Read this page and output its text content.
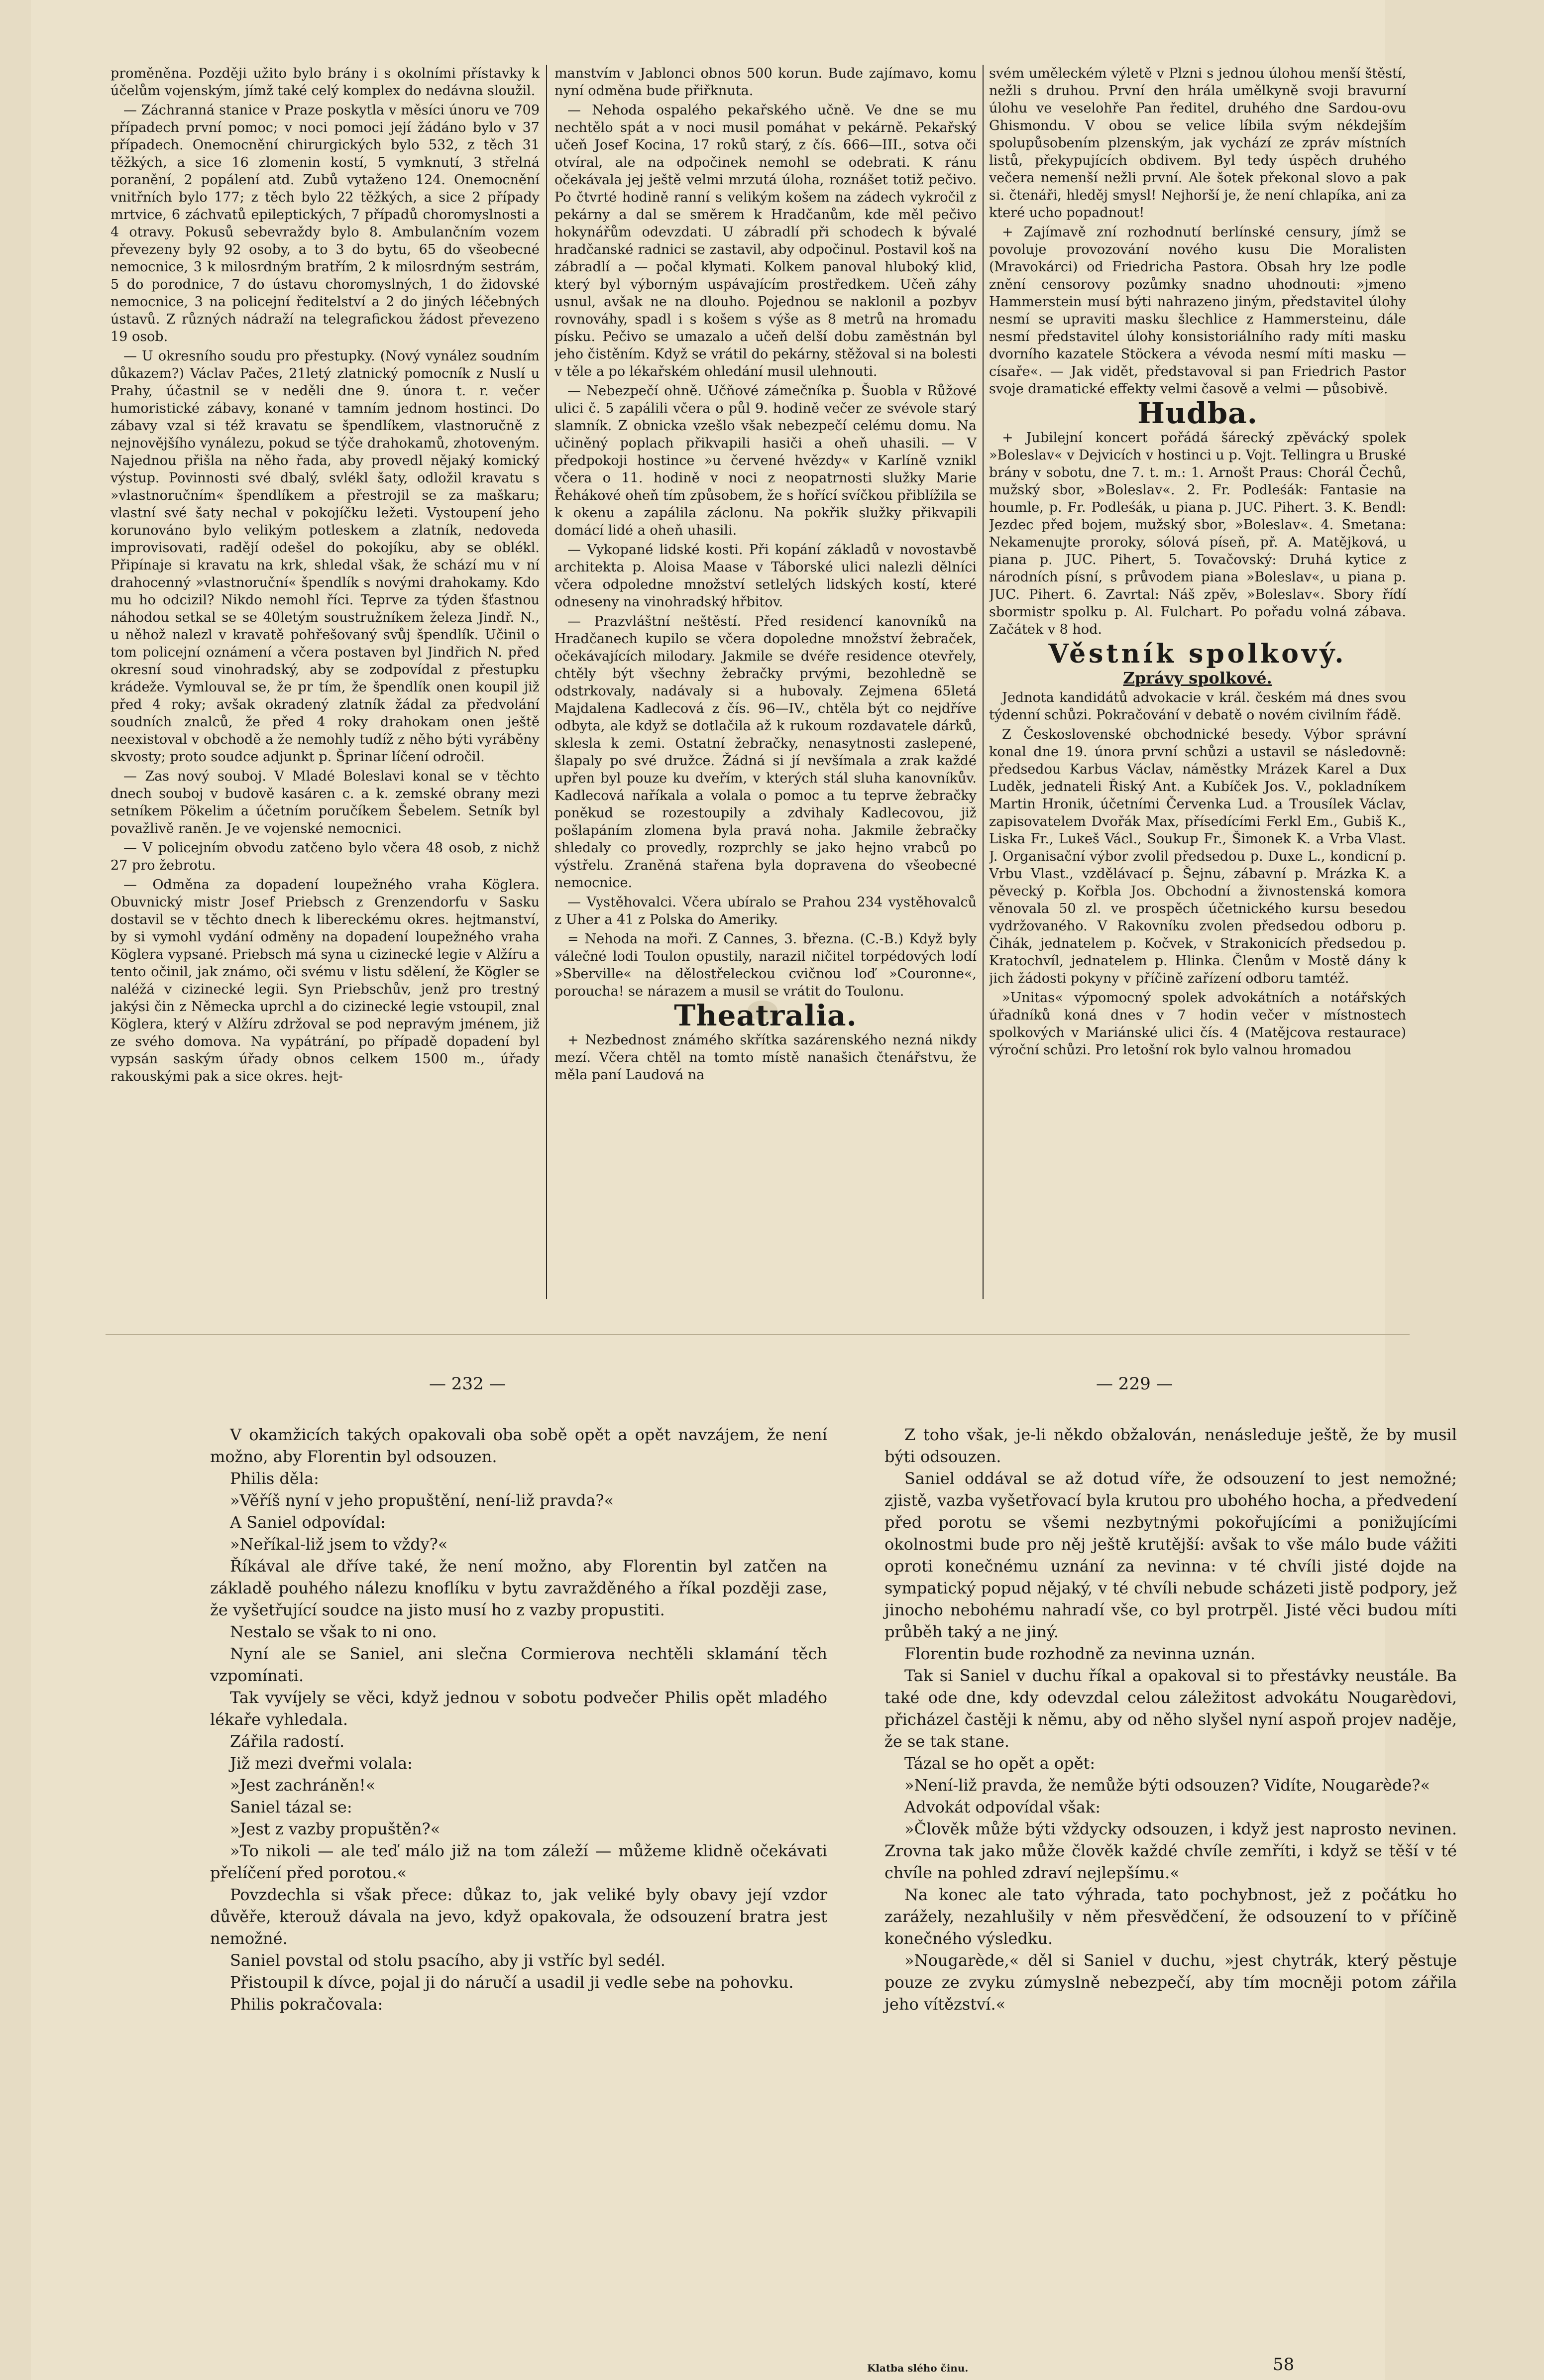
proměněna. Později užito bylo brány i s okolními přístavky k účelům vojenským, jímž také celý komplex do nedávna sloužil.

— Záchranná stanice v Praze poskytla v měsíci únoru ve 709 případech první pomoc; v noci pomoci její žádáno bylo v 37 případech. Onemocnění chirurgických bylo 532, z těch 31 těžkých, a sice 16 zlomenin kostí, 5 vymknutí, 3 střelná poranění, 2 popálení atd. Zubů vytaženo 124. Onemocnění vnitřních bylo 177; z těch bylo 22 těžkých, a sice 2 případy mrtvice, 6 záchvatů epileptických, 7 případů choromyslnosti a 4 otravy. Pokusů sebevraždy bylo 8. Ambulančním vozem převezeny byly 92 osoby, a to 3 do bytu, 65 do všeobecné nemocnice, 3 k milosrdným bratřím, 2 k milosrdným sestrám, 5 do porodnice, 7 do ústavu choromyslných, 1 do židovské nemocnice, 3 na policejní ředitelství a 2 do jiných léčebných ústavů. Z různých nádraží na telegrafickou žádost převezeno 19 osob.

— U okresního soudu pro přestupky. (Nový vynález soudním důkazem?) Václav Pačes, 21letý zlatnický pomocník z Nuslí u Prahy, účastnil se v neděli dne 9. února t. r. večer humoristické zábavy, konané v tamním jednom hostinci. Do zábavy vzal si též kravatu se špendlíkem, vlastnoručně z nejnovějšího vynálezu, pokud se týče drahokamů, zhotoveným. Najednou přišla na něho řada, aby provedl nějaký komický výstup. Povinnosti své dbalý, svlékl šaty, odložil kravatu s »vlastnoručním« špendlíkem a přestrojil se za maškaru; vlastní své šaty nechal v pokojíčku ležeti. Vystoupení jeho korunováno bylo velikým potleskem a zlatník, nedoveda improvisovati, radějí odešel do pokojíku, aby se oblékl. Připínaje si kravatu na krk, shledal však, že schází mu v ní drahocenný »vlastnoruční« špendlík s novými drahokamy. Kdo mu ho odcizil? Nikdo nemohl říci. Teprve za týden šťastnou náhodou setkal se se 40letým soustružníkem železa Jindř. N., u něhož nalezl v kravatě pohřešovaný svůj špendlík. Učinil o tom policejní oznámení a včera postaven byl Jindřich N. před okresní soud vinohradský, aby se zodpovídal z přestupku krádeže. Vymlouval se, že pr tím, že špendlík onen koupil již před 4 roky; avšak okradený zlatník žádal za předvolání soudních znalců, že před 4 roky drahokam onen ještě neexistoval v obchodě a že nemohly tudíž z něho býti vyráběny skvosty; proto soudce adjunkt p. Šprinar líčení odročil.

— Zas nový souboj. V Mladé Boleslavi konal se v těchto dnech souboj v budově kasáren c. a k. zemské obrany mezi setníkem Pökelim a účetním poručíkem Šebelem. Setník byl považlivě raněn. Je ve vojenské nemocnici.

— V policejním obvodu zatčeno bylo včera 48 osob, z nichž 27 pro žebrotu.

— Odměna za dopadení loupežného vraha Köglera. Obuvnický mistr Josef Priebsch z Grenzendorfu v Sasku dostavil se v těchto dnech k libereckému okres. hejtmanství, by si vymohl vydání odměny na dopadení loupežného vraha Köglera vypsané. Priebsch má syna u cizinecké legie v Alžíru a tento očinil, jak známo, oči svému v listu sdělení, že Kögler se naléžá v cizinecké legii. Syn Priebschův, jenž pro trestný jakýsi čin z Německa uprchl a do cizinecké legie vstoupil, znal Köglera, který v Alžíru zdržoval se pod nepravým jménem, již ze svého domova. Na vypátrání, po případě dopadení byl vypsán saským úřady obnos celkem 1500 m., úřady rakouskými pak a sice okres. hejt-

manstvím v Jablonci obnos 500 korun. Bude zajímavo, komu nyní odměna bude přiřknuta.

— Nehoda ospalého pekařského učně. Ve dne se mu nechtělo spát a v noci musil pomáhat v pekárně. Pekařský učeň Josef Kocina, 17 roků starý, z čís. 666—III., sotva oči otvíral, ale na odpočinek nemohl se odebrati. K ránu očekávala jej ještě velmi mrzutá úloha, roznášet totiž pečivo. Po čtvrté hodině ranní s velikým košem na zádech vykročil z pekárny a dal se směrem k Hradčanům, kde měl pečivo hokynářům odevzdati. U zábradlí při schodech k bývalé hradčanské radnici se zastavil, aby odpočinul. Postavil koš na zábradlí a — počal klymati. Kolkem panoval hluboký klid, který byl výborným uspávajícím prostředkem. Učeň záhy usnul, avšak ne na dlouho. Pojednou se naklonil a pozbyv rovnováhy, spadl i s košem s výše as 8 metrů na hromadu písku. Pečivo se umazalo a učeň delší dobu zaměstnán byl jeho čistěním. Když se vrátil do pekárny, stěžoval si na bolesti v těle a po lékařském ohledání musil ulehnouti.

— Nebezpečí ohně. Učňové zámečníka p. Šuobla v Růžové ulici č. 5 zapálili včera o půl 9. hodině večer ze svévole starý slamník. Z obnicka vzešlo však nebezpečí celému domu. Na učiněný poplach přikvapili hasiči a oheň uhasili. — V předpokoji hostince »u červené hvězdy« v Karlíně vznikl včera o 11. hodině v noci z neopatrnosti služky Marie Řehákové oheň tím způsobem, že s hořící svíčkou přiblížila se k okenu a zapálila záclonu. Na pokřik služky přikvapili domácí lidé a oheň uhasili.

— Vykopané lidské kosti. Při kopání základů v novostavbě architekta p. Aloisa Maase v Táborské ulici nalezli dělníci včera odpoledne množství setlelých lidských kostí, které odneseny na vinohradský hřbitov.

— Prazvláštní neštěstí. Před residencí kanovníků na Hradčanech kupilo se včera dopoledne množství žebraček, očekávajících milodary. Jakmile se dvéře residence otevřely, chtěly být všechny žebračky prvými, bezohledně se odstrkovaly, nadávaly si a hubovaly. Zejmena 65letá Majdalena Kadlecová z čís. 96—IV., chtěla být co nejdříve odbyta, ale když se dotlačila až k rukoum rozdavatele dárků, sklesla k zemi. Ostatní žebračky, nenasytnosti zaslepené, šlapaly po své družce. Žádná si jí nevšímala a zrak každé upřen byl pouze ku dveřím, v kterých stál sluha kanovníkův. Kadlecová naříkala a volala o pomoc a tu teprve žebračky poněkud se rozestoupily a zdvihaly Kadlecovou, již pošlapáním zlomena byla pravá noha. Jakmile žebračky shledaly co provedly, rozprchly se jako hejno vrabců po výstřelu. Zraněná stařena byla dopravena do všeobecné nemocnice.

— Vystěhovalci. Včera ubíralo se Prahou 234 vystěhovalců z Uher a 41 z Polska do Ameriky.

= Nehoda na moři. Z Cannes, 3. března. (C.-B.) Když byly válečné lodi Toulon opustily, narazil ničitel torpédových lodí »Sberville« na dělostřeleckou cvičnou loď »Couronne«, poroucha! se nárazem a musil se vrátit do Toulonu.

Theatralia.

+ Nezbednost známého skřítka sazárenského nezná nikdy mezí. Včera chtěl na tomto místě nanašich čtenářstvu, že měla paní Laudová na

svém uměleckém výletě v Plzni s jednou úlohou menší štěstí, nežli s druhou. První den hrála umělkyně svoji bravurní úlohu ve veselohře Pan ředitel, druhého dne Sardou-ovu Ghismondu. V obou se velice líbila svým nékdejším spolupůsobením plzenským, jak vychází ze zpráv místních listů, překypujících obdivem. Byl tedy úspěch druhého večera nemenší nežli první. Ale šotek překonal slovo a pak si. čtenáři, hleděj smysl! Nejhorší je, že není chlapíka, ani za které ucho popadnout!

+ Zajímavě zní rozhodnutí berlínské censury, jímž se povoluje provozování nového kusu Die Moralisten (Mravokárci) od Friedricha Pastora. Obsah hry lze podle znění censorovy pozůmky snadno uhodnouti: »jmeno Hammerstein musí býti nahrazeno jiným, představitel úlohy nesmí se upraviti masku šlechlice z Hammersteinu, dále nesmí představitel úlohy konsistoriálního rady míti masku dvorního kazatele Stöckera a vévoda nesmí míti masku — císaře«. — Jak vidět, představoval si pan Friedrich Pastor svoje dramatické effekty velmi časově a velmi — působivě.

Hudba.

+ Jubilejní koncert pořádá šárecký zpěvácký spolek »Boleslav« v Dejvicích v hostinci u p. Vojt. Tellingra u Bruské brány v sobotu, dne 7. t. m.: 1. Arnošt Praus: Chorál Čechů, mužský sbor, »Boleslav«. 2. Fr. Podleśák: Fantasie na houmle, p. Fr. Podleśák, u piana p. JUC. Pihert. 3. K. Bendl: Jezdec před bojem, mužský sbor, »Boleslav«. 4. Smetana: Nekamenujte proroky, sólová píseň, př. A. Matějková, u piana p. JUC. Pihert, 5. Tovačovský: Druhá kytice z národních písní, s průvodem piana »Boleslav«, u piana p. JUC. Pihert. 6. Zavrtal: Náš zpěv, »Boleslav«. Sbory řídí sbormistr spolku p. Al. Fulchart. Po pořadu volná zábava. Začátek v 8 hod.

Věstník spolkový.
Zprávy spolkové.

Jednota kandidátů advokacie v král. českém má dnes svou týdenní schůzi. Pokračování v debatě o novém civilním řádě.

Z Československé obchodnické besedy. Výbor správní konal dne 19. února první schůzi a ustavil se následovně: předsedou Karbus Václav, náměstky Mrázek Karel a Dux Luděk, jednateli Řiský Ant. a Kubíček Jos. V., pokladníkem Martin Hronik, účetními Červenka Lud. a Trousílek Václav, zapisovatelem Dvořák Max, přísedícími Ferkl Em., Gubiš K., Liska Fr., Lukeš Václ., Soukup Fr., Šimonek K. a Vrba Vlast. J. Organisační výbor zvolil předsedou p. Duxe L., kondicní p. Vrbu Vlast., vzdělávací p. Šejnu, zábavní p. Mrázka K. a pěvecký p. Kořbla Jos. Obchodní a živnostenská komora věnovala 50 zl. ve prospěch účetnického kursu besedou vydržovaného. V Rakovníku zvolen předsedou odboru p. Čihák, jednatelem p. Kočvek, v Strakonicích předsedou p. Kratochvíl, jednatelem p. Hlinka. Členům v Mostě dány k jich žádosti pokyny v příčině zařízení odboru tamtéž.

»Unitas« výpomocný spolek advokátních a notářských úřadníků koná dnes v 7 hodin večer v místnostech spolkových v Mariánské ulici čís. 4 (Matějcova restaurace) výroční schůzi. Pro letošní rok bylo valnou hromadou

— 232 —	— 229 —

V okamžicích takých opakovali oba sobě opět a opět navzájem, že není možno, aby Florentin byl odsouzen.

Philis děla:

»Věříš nyní v jeho propuštění, není-liž pravda?«

A Saniel odpovídal:

»Neříkal-liž jsem to vždy?«

Říkával ale dříve také, že není možno, aby Florentin byl zatčen na základě pouhého nálezu knoflíku v bytu zavražděného a říkal později zase, že vyšetřující soudce na jisto musí ho z vazby propustiti.

Nestalo se však to ni ono.

Nyní ale se Saniel, ani slečna Cormierova nechtěli sklamání těch vzpomínati.

Tak vyvíjely se věci, když jednou v sobotu podvečer Philis opět mladého lékaře vyhledala.

Zářila radostí.

Již mezi dveřmi volala:

»Jest zachráněn!«

Saniel tázal se:

»Jest z vazby propuštěn?«

»To nikoli — ale teď málo již na tom záleží — můžeme klidně očekávati přelíčení před porotou.«

Povzdechla si však přece: důkaz to, jak veliké byly obavy její vzdor důvěře, kterouž dávala na jevo, když opakovala, že odsouzení bratra jest nemožné.

Saniel povstal od stolu psacího, aby ji vstříc byl sedél.

Přistoupil k dívce, pojal ji do náručí a usadil ji vedle sebe na pohovku.

Philis pokračovala:

Z toho však, je-li někdo obžalován, nenásleduje ještě, že by musil býti odsouzen.

Saniel oddával se až dotud víře, že odsouzení to jest nemožné; zjistě, vazba vyšetřovací byla krutou pro ubohého hocha, a předvedení před porotu se všemi nezbytnými pokořujícími a ponižujícími okolnostmi bude pro něj ještě krutější: avšak to vše málo bude vážiti oproti konečnému uznání za nevinna: v té chvíli jisté dojde na sympatický popud nějaký, v té chvíli nebude scházeti jistě podpory, jež jinocho nebohému nahradí vše, co byl protrpěl. Jisté věci budou míti průběh taký a ne jiný.

Florentin bude rozhodně za nevinna uznán.

Tak si Saniel v duchu říkal a opakoval si to přestávky neustále. Ba také ode dne, kdy odevzdal celou záležitost advokátu Nougarèdovi, přicházel častěji k němu, aby od něho slyšel nyní aspoň projev naděje, že se tak stane.

Tázal se ho opět a opět:

»Není-liž pravda, že nemůže býti odsouzen? Vidíte, Nougarède?«

Advokát odpovídal však:

»Člověk může býti vždycky odsouzen, i když jest naprosto nevinen. Zrovna tak jako může člověk každé chvíle zemříti, i když se těší v té chvíle na pohled zdraví nejlepšímu.«

Na konec ale tato výhrada, tato pochybnost, jež z počátku ho zarážely, nezahlušily v něm přesvědčení, že odsouzení to v příčině konečného výsledku.

»Nougarède,« děl si Saniel v duchu, »jest chytrák, který pěstuje pouze ze zvyku zúmyslně nebezpečí, aby tím mocněji potom zářila jeho vítězství.«

Klatba slého činu.	58
